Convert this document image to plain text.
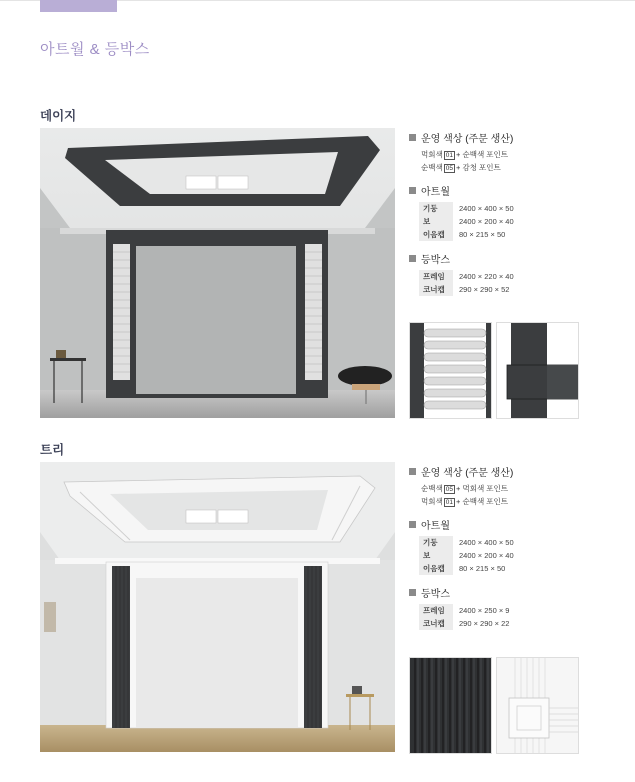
아트월 & 등박스
데이지
운영 색상 (주문 생산)
먹회색 01 + 순백색 포인트
순백색 05 + 감청 포인트
아트월
기둥	2400 × 400 × 50
보	2400 × 200 × 40
이음캡	80 × 215 × 50
등박스
프레임	2400 × 220 × 40
코너캡	290 × 290 × 52
트리
운영 색상 (주문 생산)
순백색 05 + 먹회색 포인트
먹회색 01 + 순백색 포인트
아트월
기둥	2400 × 400 × 50
보	2400 × 200 × 40
이음캡	80 × 215 × 50
등박스
프레임	2400 × 250 × 9
코너캡	290 × 290 × 22
